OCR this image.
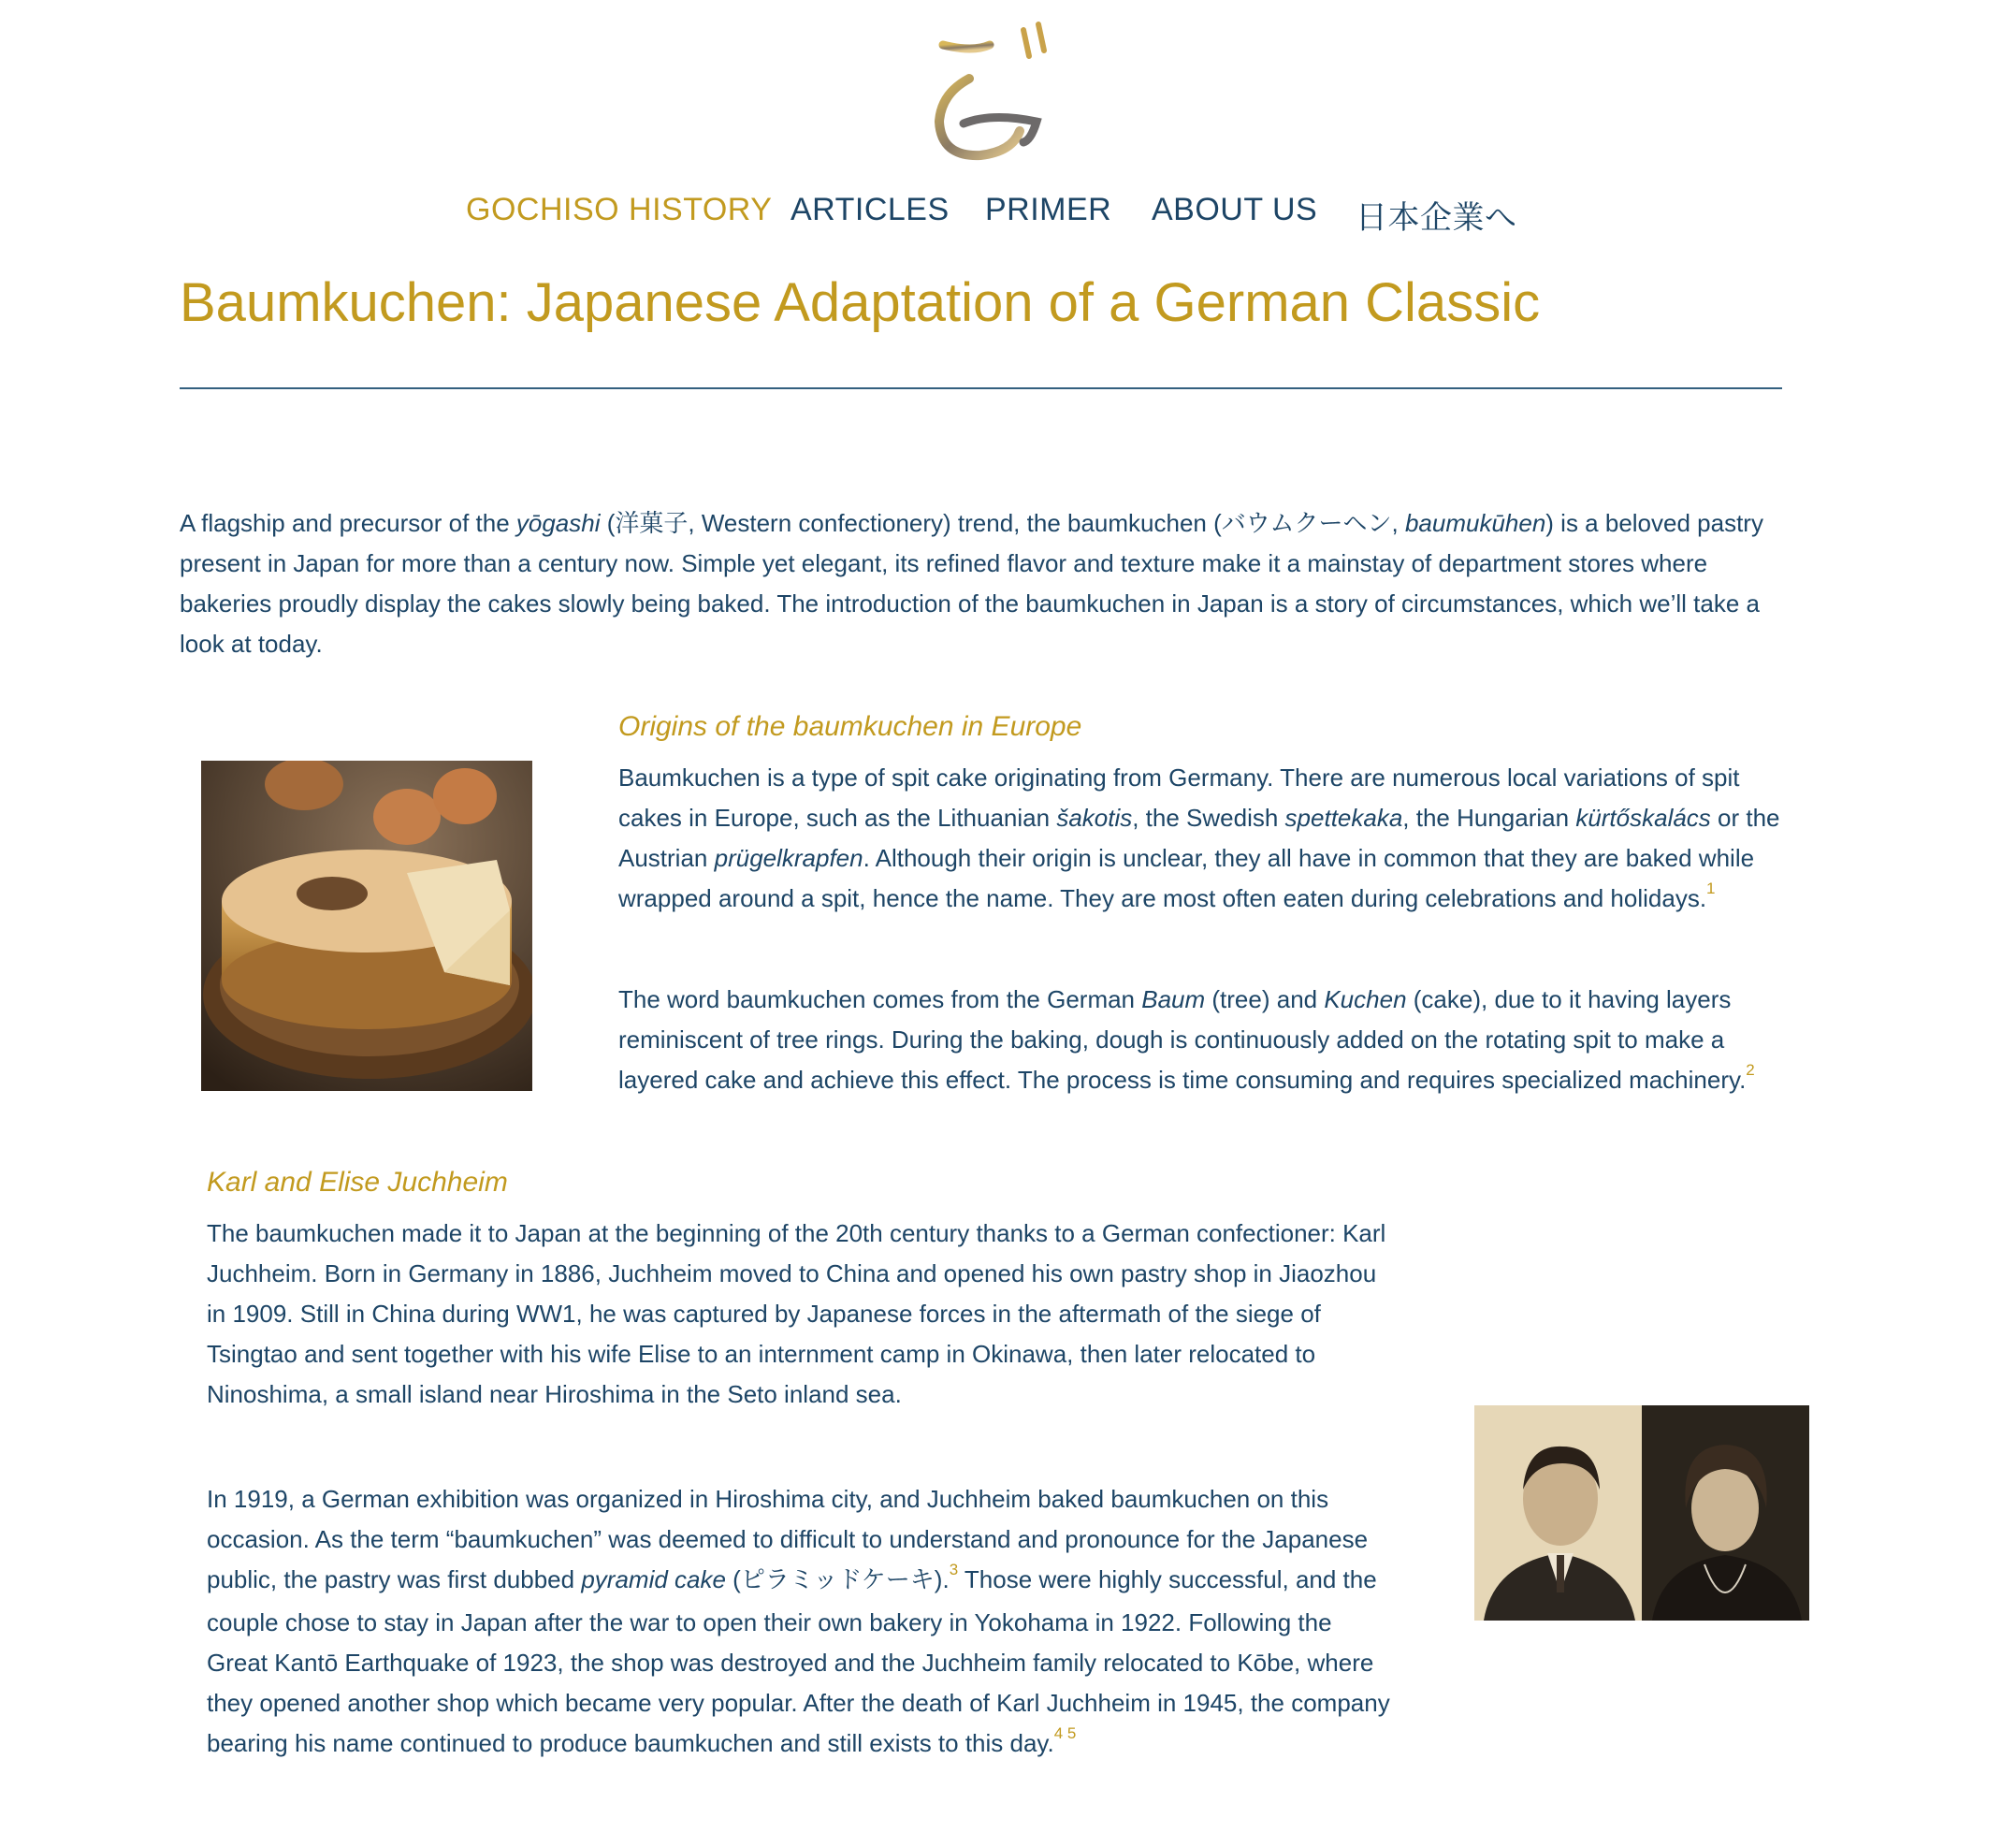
GOCHISO HISTORY ARTICLES PRIMER ABOUT US 日本企業へ
Baumkuchen: Japanese Adaptation of a German Classic

A flagship and precursor of the yōgashi (洋菓子, Western confectionery) trend, the baumkuchen (バウムクーヘン, baumukūhen) is a beloved pastry present in Japan for more than a century now. Simple yet elegant, its refined flavor and texture make it a mainstay of department stores where bakeries proudly display the cakes slowly being baked. The introduction of the baumkuchen in Japan is a story of circumstances, which we’ll take a look at today.

Origins of the baumkuchen in Europe

Baumkuchen is a type of spit cake originating from Germany. There are numerous local variations of spit cakes in Europe, such as the Lithuanian šakotis, the Swedish spettekaka, the Hungarian kürtőskalács or the Austrian prügelkrapfen. Although their origin is unclear, they all have in common that they are baked while wrapped around a spit, hence the name. They are most often eaten during celebrations and holidays.$^1$

The word baumkuchen comes from the German Baum (tree) and Kuchen (cake), due to it having layers reminiscent of tree rings. During the baking, dough is continuously added on the rotating spit to make a layered cake and achieve this effect. The process is time consuming and requires specialized machinery.$^2$

Karl and Elise Juchheim

The baumkuchen made it to Japan at the beginning of the 20th century thanks to a German confectioner: Karl Juchheim. Born in Germany in 1886, Juchheim moved to China and opened his own pastry shop in Jiaozhou in 1909. Still in China during WW1, he was captured by Japanese forces in the aftermath of the siege of Tsingtao and sent together with his wife Elise to an internment camp in Okinawa, then later relocated to Ninoshima, a small island near Hiroshima in the Seto inland sea.

In 1919, a German exhibition was organized in Hiroshima city, and Juchheim baked baumkuchen on this occasion. As the term “baumkuchen” was deemed to difficult to understand and pronounce for the Japanese public, the pastry was first dubbed pyramid cake (ピラミッドケーキ).$^3$ Those were highly successful, and the couple chose to stay in Japan after the war to open their own bakery in Yokohama in 1922. Following the Great Kantō Earthquake of 1923, the shop was destroyed and the Juchheim family relocated to Kōbe, where they opened another shop which became very popular. After the death of Karl Juchheim in 1945, the company bearing his name continued to produce baumkuchen and still exists to this day.$^{4 5}$
